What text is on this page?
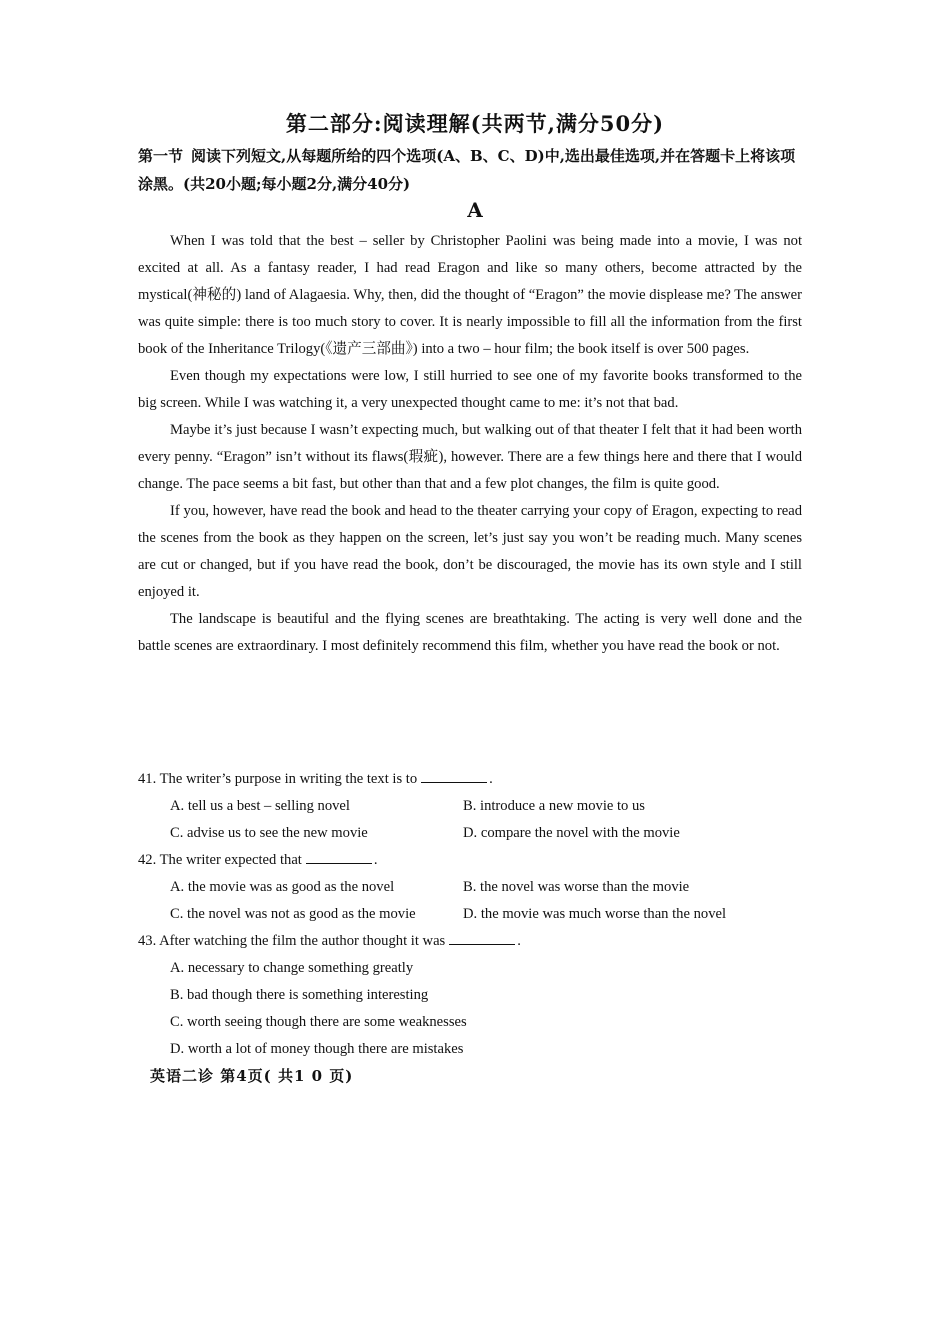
第二部分:阅读理解(共两节,满分50分)
第一节 阅读下列短文,从每题所给的四个选项(A、B、C、D)中,选出最佳选项,并在答题卡上将该项涂黑。(共20小题;每小题2分,满分40分)
A

When I was told that the best – seller by Christopher Paolini was being made into a movie, I was not excited at all. As a fantasy reader, I had read Eragon and like so many others, become attracted by the mystical(神秘的) land of Alagaesia. Why, then, did the thought of “Eragon” the movie displease me? The answer was quite simple: there is too much story to cover. It is nearly impossible to fill all the information from the first book of the Inheritance Trilogy(《遗产三部曲》) into a two – hour film; the book itself is over 500 pages.

Even though my expectations were low, I still hurried to see one of my favorite books transformed to the big screen. While I was watching it, a very unexpected thought came to me: it’s not that bad.

Maybe it’s just because I wasn’t expecting much, but walking out of that theater I felt that it had been worth every penny. “Eragon” isn’t without its flaws(瑕疵), however. There are a few things here and there that I would change. The pace seems a bit fast, but other than that and a few plot changes, the film is quite good.

If you, however, have read the book and head to the theater carrying your copy of Eragon, expecting to read the scenes from the book as they happen on the screen, let’s just say you won’t be reading much. Many scenes are cut or changed, but if you have read the book, don’t be discouraged, the movie has its own style and I still enjoyed it.

The landscape is beautiful and the flying scenes are breathtaking. The acting is very well done and the battle scenes are extraordinary. I most definitely recommend this film, whether you have read the book or not.

41. The writer’s purpose in writing the text is to	.

A. tell us a best – selling novel	B. introduce a new movie to us
C. advise us to see the new movie	D. compare the novel with the movie

42. The writer expected that	.

A. the movie was as good as the novel	B. the novel was worse than the movie
C. the novel was not as good as the movie	D. the movie was much worse than the novel

43. After watching the film the author thought it was	.

A. necessary to change something greatly
B. bad though there is something interesting
C. worth seeing though there are some weaknesses
D. worth a lot of money though there are mistakes
英语二诊 第4页( 共1 0 页)
